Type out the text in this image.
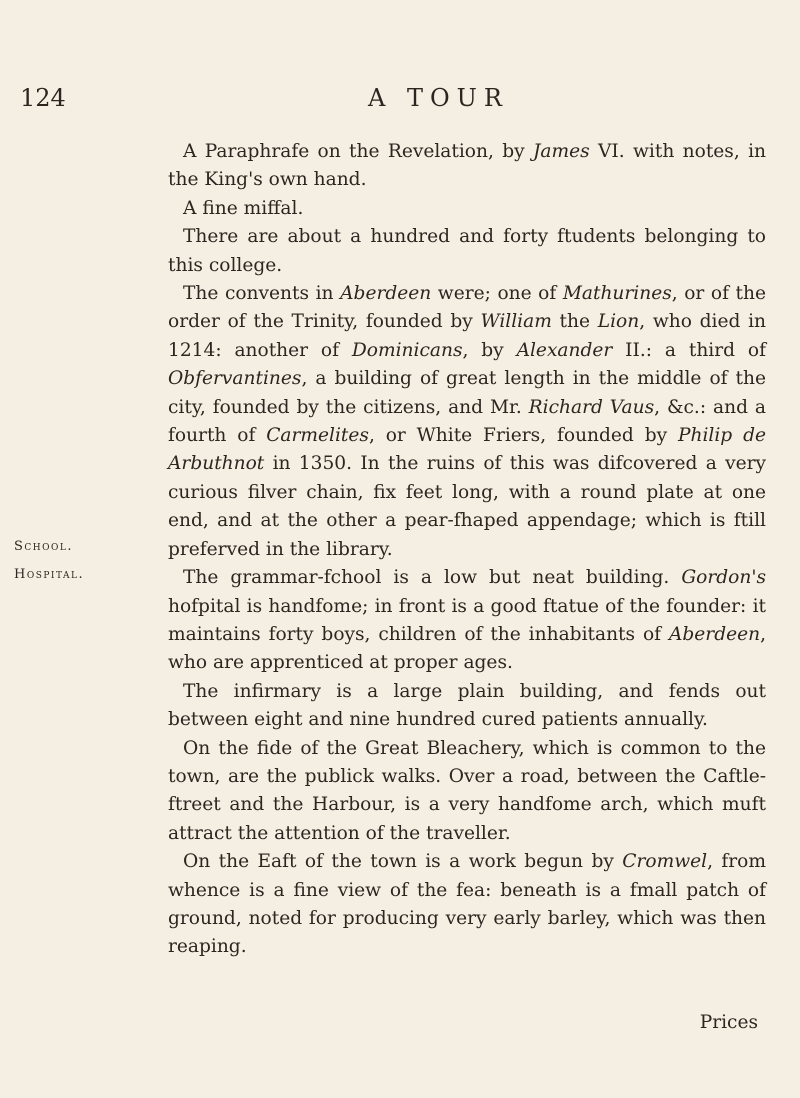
124	A TOUR
School.
Hospital.

A Paraphrafe on the Revelation, by James VI. with notes, in the King's own hand.

A fine miffal.

There are about a hundred and forty ftudents belonging to this college.

The convents in Aberdeen were; one of Mathurines, or of the order of the Trinity, founded by William the Lion, who died in 1214: another of Dominicans, by Alexander II.: a third of Obfervantines, a building of great length in the middle of the city, founded by the citizens, and Mr. Richard Vaus, &c.: and a fourth of Carmelites, or White Friers, founded by Philip de Arbuthnot in 1350. In the ruins of this was difcovered a very curious filver chain, fix feet long, with a round plate at one end, and at the other a pear-fhaped appendage; which is ftill preferved in the library.

The grammar-fchool is a low but neat building. Gordon's hofpital is handfome; in front is a good ftatue of the founder: it maintains forty boys, children of the inhabitants of Aberdeen, who are apprenticed at proper ages.

The infirmary is a large plain building, and fends out between eight and nine hundred cured patients annually.

On the fide of the Great Bleachery, which is common to the town, are the publick walks. Over a road, between the Caftle-ftreet and the Harbour, is a very handfome arch, which muft attract the attention of the traveller.

On the Eaft of the town is a work begun by Cromwel, from whence is a fine view of the fea: beneath is a fmall patch of ground, noted for producing very early barley, which was then reaping.

Prices
